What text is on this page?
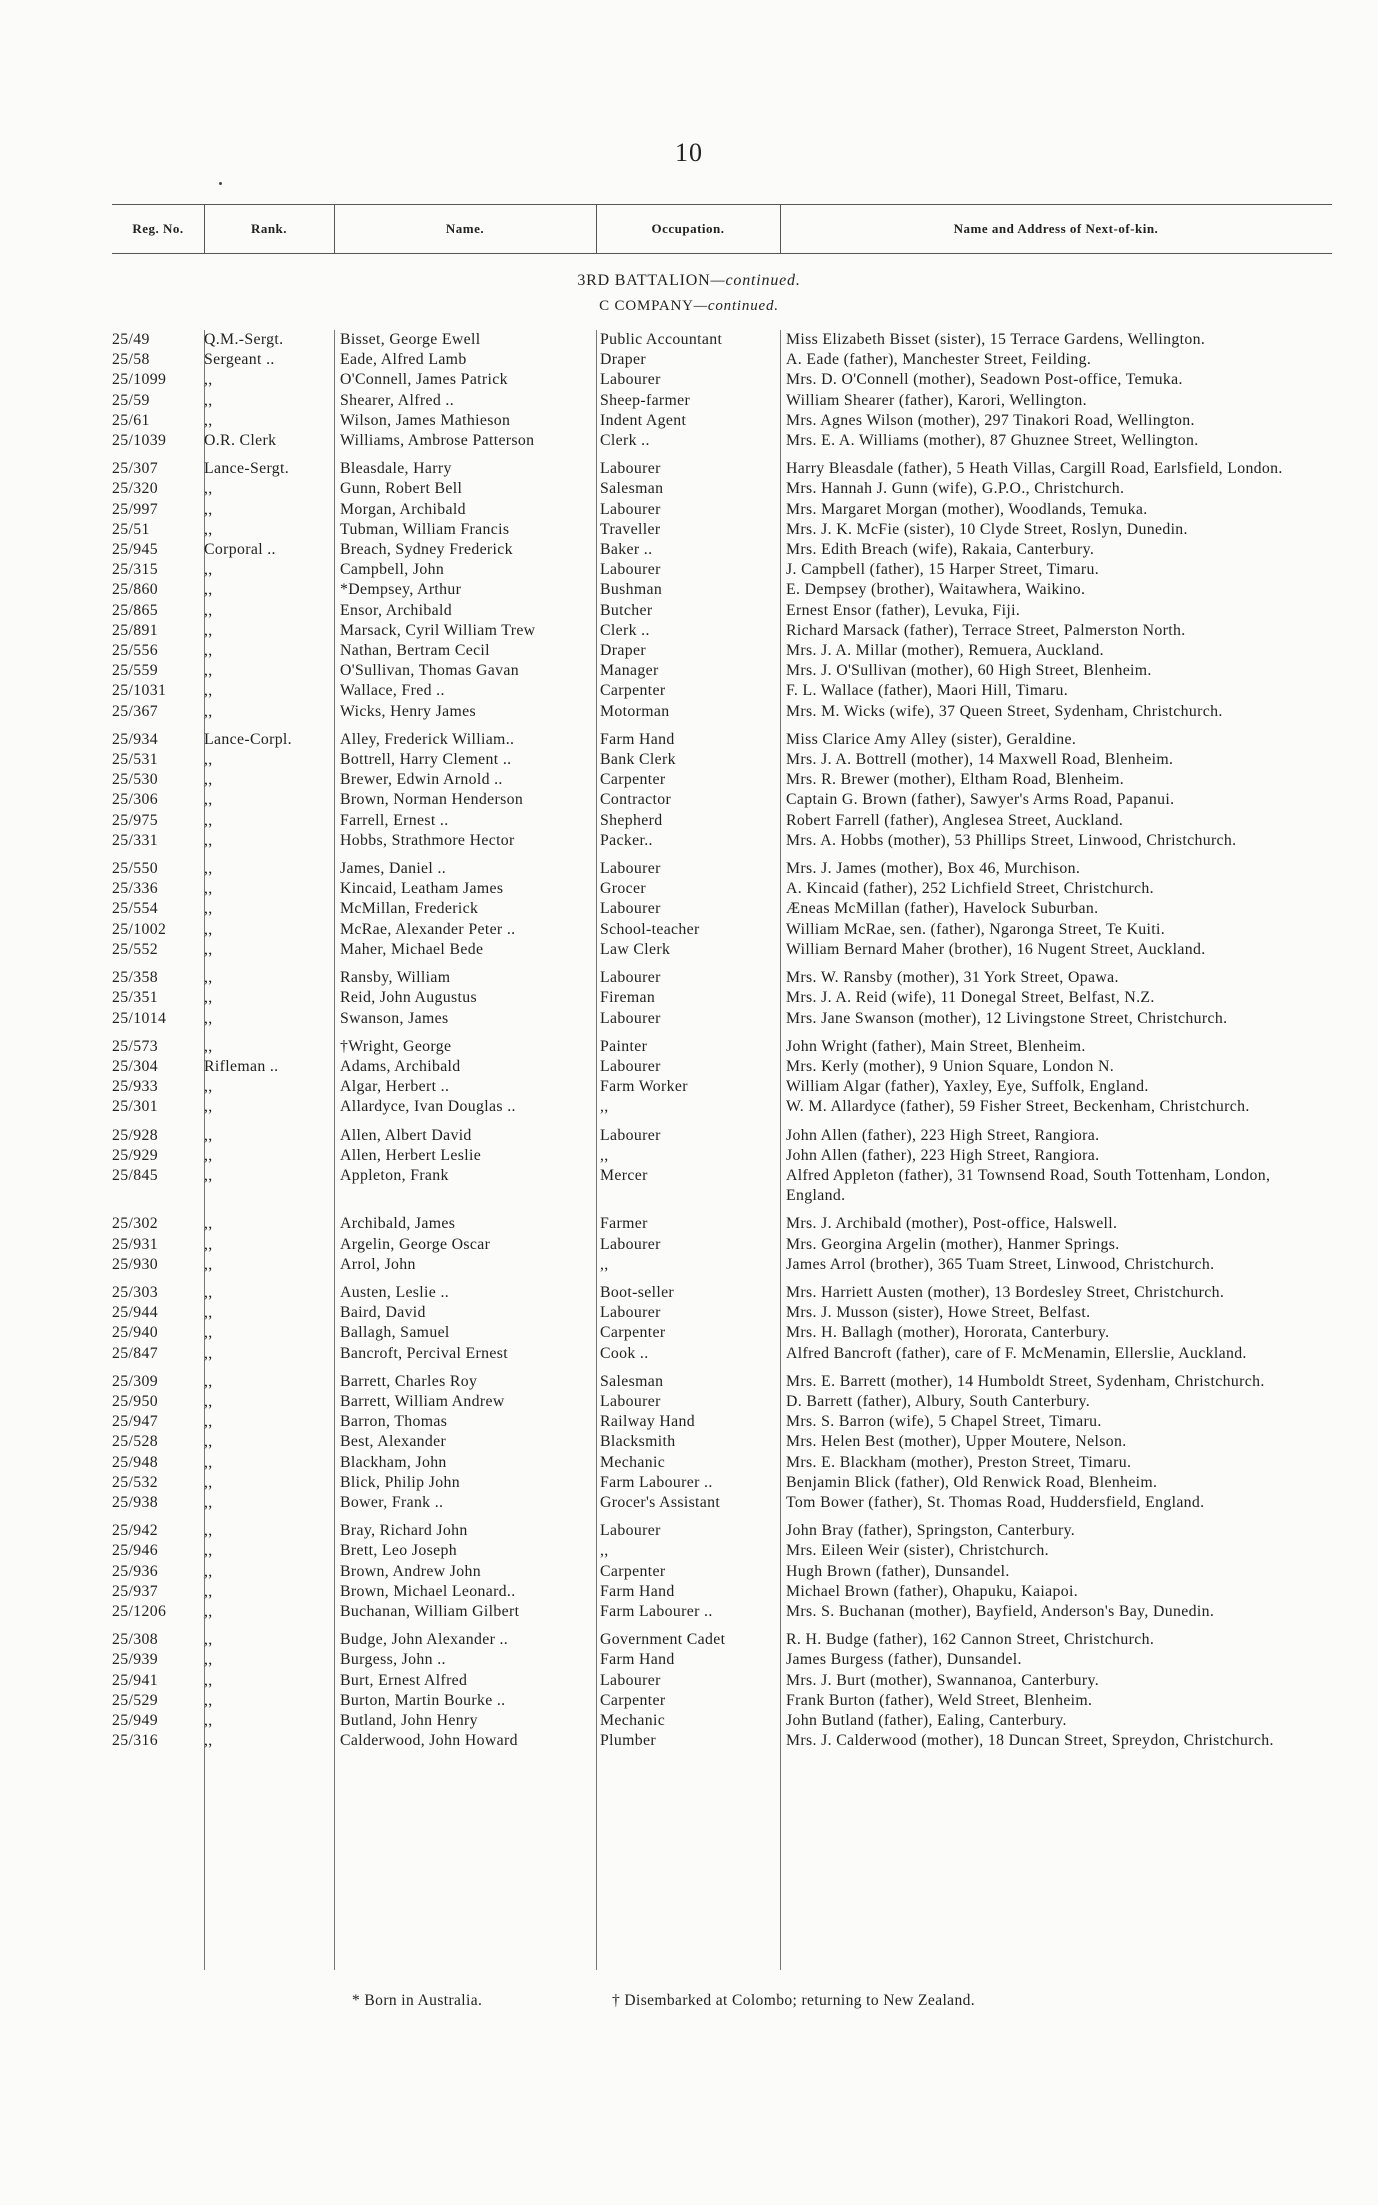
10
Reg. No.	Rank.	Name.	Occupation.	Name and Address of Next-of-kin.
3RD BATTALION—continued.
C COMPANY—continued.
25/49	Q.M.-Sergt.	Bisset, George Ewell	Public Accountant	Miss Elizabeth Bisset (sister), 15 Terrace Gardens, Wellington.
25/58	Sergeant ..	Eade, Alfred Lamb	Draper	A. Eade (father), Manchester Street, Feilding.
25/1099	,,	O'Connell, James Patrick	Labourer	Mrs. D. O'Connell (mother), Seadown Post-office, Temuka.
25/59	,,	Shearer, Alfred ..	Sheep-farmer	William Shearer (father), Karori, Wellington.
25/61	,,	Wilson, James Mathieson	Indent Agent	Mrs. Agnes Wilson (mother), 297 Tinakori Road, Wellington.
25/1039	O.R. Clerk	Williams, Ambrose Patterson	Clerk ..	Mrs. E. A. Williams (mother), 87 Ghuznee Street, Wellington.
25/307	Lance-Sergt.	Bleasdale, Harry	Labourer	Harry Bleasdale (father), 5 Heath Villas, Cargill Road, Earlsfield, London.
25/320	,,	Gunn, Robert Bell	Salesman	Mrs. Hannah J. Gunn (wife), G.P.O., Christchurch.
25/997	,,	Morgan, Archibald	Labourer	Mrs. Margaret Morgan (mother), Woodlands, Temuka.
25/51	,,	Tubman, William Francis	Traveller	Mrs. J. K. McFie (sister), 10 Clyde Street, Roslyn, Dunedin.
25/945	Corporal ..	Breach, Sydney Frederick	Baker ..	Mrs. Edith Breach (wife), Rakaia, Canterbury.
25/315	,,	Campbell, John	Labourer	J. Campbell (father), 15 Harper Street, Timaru.
25/860	,,	*Dempsey, Arthur	Bushman	E. Dempsey (brother), Waitawhera, Waikino.
25/865	,,	Ensor, Archibald	Butcher	Ernest Ensor (father), Levuka, Fiji.
25/891	,,	Marsack, Cyril William Trew	Clerk ..	Richard Marsack (father), Terrace Street, Palmerston North.
25/556	,,	Nathan, Bertram Cecil	Draper	Mrs. J. A. Millar (mother), Remuera, Auckland.
25/559	,,	O'Sullivan, Thomas Gavan	Manager	Mrs. J. O'Sullivan (mother), 60 High Street, Blenheim.
25/1031	,,	Wallace, Fred ..	Carpenter	F. L. Wallace (father), Maori Hill, Timaru.
25/367	,,	Wicks, Henry James	Motorman	Mrs. M. Wicks (wife), 37 Queen Street, Sydenham, Christchurch.
25/934	Lance-Corpl.	Alley, Frederick William..	Farm Hand	Miss Clarice Amy Alley (sister), Geraldine.
25/531	,,	Bottrell, Harry Clement ..	Bank Clerk	Mrs. J. A. Bottrell (mother), 14 Maxwell Road, Blenheim.
25/530	,,	Brewer, Edwin Arnold ..	Carpenter	Mrs. R. Brewer (mother), Eltham Road, Blenheim.
25/306	,,	Brown, Norman Henderson	Contractor	Captain G. Brown (father), Sawyer's Arms Road, Papanui.
25/975	,,	Farrell, Ernest ..	Shepherd	Robert Farrell (father), Anglesea Street, Auckland.
25/331	,,	Hobbs, Strathmore Hector	Packer..	Mrs. A. Hobbs (mother), 53 Phillips Street, Linwood, Christchurch.
25/550	,,	James, Daniel ..	Labourer	Mrs. J. James (mother), Box 46, Murchison.
25/336	,,	Kincaid, Leatham James	Grocer	A. Kincaid (father), 252 Lichfield Street, Christchurch.
25/554	,,	McMillan, Frederick	Labourer	Æneas McMillan (father), Havelock Suburban.
25/1002	,,	McRae, Alexander Peter ..	School-teacher	William McRae, sen. (father), Ngaronga Street, Te Kuiti.
25/552	,,	Maher, Michael Bede	Law Clerk	William Bernard Maher (brother), 16 Nugent Street, Auckland.
25/358	,,	Ransby, William	Labourer	Mrs. W. Ransby (mother), 31 York Street, Opawa.
25/351	,,	Reid, John Augustus	Fireman	Mrs. J. A. Reid (wife), 11 Donegal Street, Belfast, N.Z.
25/1014	,,	Swanson, James	Labourer	Mrs. Jane Swanson (mother), 12 Livingstone Street, Christchurch.
25/573	,,	†Wright, George	Painter	John Wright (father), Main Street, Blenheim.
25/304	Rifleman ..	Adams, Archibald	Labourer	Mrs. Kerly (mother), 9 Union Square, London N.
25/933	,,	Algar, Herbert ..	Farm Worker	William Algar (father), Yaxley, Eye, Suffolk, England.
25/301	,,	Allardyce, Ivan Douglas ..	,,	W. M. Allardyce (father), 59 Fisher Street, Beckenham, Christchurch.
25/928	,,	Allen, Albert David	Labourer	John Allen (father), 223 High Street, Rangiora.
25/929	,,	Allen, Herbert Leslie	,,	John Allen (father), 223 High Street, Rangiora.
25/845	,,	Appleton, Frank	Mercer	Alfred Appleton (father), 31 Townsend Road, South Tottenham, London, England.
25/302	,,	Archibald, James	Farmer	Mrs. J. Archibald (mother), Post-office, Halswell.
25/931	,,	Argelin, George Oscar	Labourer	Mrs. Georgina Argelin (mother), Hanmer Springs.
25/930	,,	Arrol, John	,,	James Arrol (brother), 365 Tuam Street, Linwood, Christchurch.
25/303	,,	Austen, Leslie ..	Boot-seller	Mrs. Harriett Austen (mother), 13 Bordesley Street, Christchurch.
25/944	,,	Baird, David	Labourer	Mrs. J. Musson (sister), Howe Street, Belfast.
25/940	,,	Ballagh, Samuel	Carpenter	Mrs. H. Ballagh (mother), Hororata, Canterbury.
25/847	,,	Bancroft, Percival Ernest	Cook ..	Alfred Bancroft (father), care of F. McMenamin, Ellerslie, Auckland.
25/309	,,	Barrett, Charles Roy	Salesman	Mrs. E. Barrett (mother), 14 Humboldt Street, Sydenham, Christchurch.
25/950	,,	Barrett, William Andrew	Labourer	D. Barrett (father), Albury, South Canterbury.
25/947	,,	Barron, Thomas	Railway Hand	Mrs. S. Barron (wife), 5 Chapel Street, Timaru.
25/528	,,	Best, Alexander	Blacksmith	Mrs. Helen Best (mother), Upper Moutere, Nelson.
25/948	,,	Blackham, John	Mechanic	Mrs. E. Blackham (mother), Preston Street, Timaru.
25/532	,,	Blick, Philip John	Farm Labourer ..	Benjamin Blick (father), Old Renwick Road, Blenheim.
25/938	,,	Bower, Frank ..	Grocer's Assistant	Tom Bower (father), St. Thomas Road, Huddersfield, England.
25/942	,,	Bray, Richard John	Labourer	John Bray (father), Springston, Canterbury.
25/946	,,	Brett, Leo Joseph	,,	Mrs. Eileen Weir (sister), Christchurch.
25/936	,,	Brown, Andrew John	Carpenter	Hugh Brown (father), Dunsandel.
25/937	,,	Brown, Michael Leonard..	Farm Hand	Michael Brown (father), Ohapuku, Kaiapoi.
25/1206	,,	Buchanan, William Gilbert	Farm Labourer ..	Mrs. S. Buchanan (mother), Bayfield, Anderson's Bay, Dunedin.
25/308	,,	Budge, John Alexander ..	Government Cadet	R. H. Budge (father), 162 Cannon Street, Christchurch.
25/939	,,	Burgess, John ..	Farm Hand	James Burgess (father), Dunsandel.
25/941	,,	Burt, Ernest Alfred	Labourer	Mrs. J. Burt (mother), Swannanoa, Canterbury.
25/529	,,	Burton, Martin Bourke ..	Carpenter	Frank Burton (father), Weld Street, Blenheim.
25/949	,,	Butland, John Henry	Mechanic	John Butland (father), Ealing, Canterbury.
25/316	,,	Calderwood, John Howard	Plumber	Mrs. J. Calderwood (mother), 18 Duncan Street, Spreydon, Christchurch.
* Born in Australia.	† Disembarked at Colombo; returning to New Zealand.
